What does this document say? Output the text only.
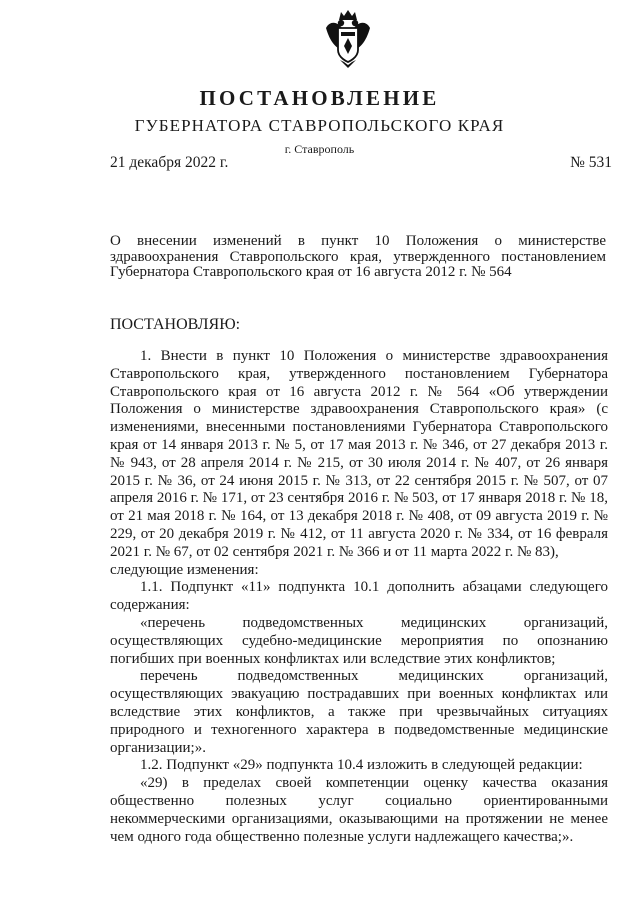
ПОСТАНОВЛЕНИЕ
ГУБЕРНАТОРА СТАВРОПОЛЬСКОГО КРАЯ
г. Ставрополь
21 декабря 2022 г.	№ 531
О внесении изменений в пункт 10 Положения о министерстве здравоохранения Ставропольского края, утвержденного постановлением Губернатора Ставропольского края от 16 августа 2012 г. № 564
ПОСТАНОВЛЯЮ:

1. Внести в пункт 10 Положения о министерстве здравоохранения Ставропольского края, утвержденного постановлением Губернатора Ставропольского края от 16 августа 2012 г. № 564 «Об утверждении Положения о министерстве здравоохранения Ставропольского края» (с изменениями, внесенными постановлениями Губернатора Ставропольского края от 14 января 2013 г. № 5, от 17 мая 2013 г. № 346, от 27 декабря 2013 г. № 943, от 28 апреля 2014 г. № 215, от 30 июля 2014 г. № 407, от 26 января 2015 г. № 36, от 24 июня 2015 г. № 313, от 22 сентября 2015 г. № 507, от 07 апреля 2016 г. № 171, от 23 сентября 2016 г. № 503, от 17 января 2018 г. № 18, от 21 мая 2018 г. № 164, от 13 декабря 2018 г. № 408, от 09 августа 2019 г. № 229, от 20 декабря 2019 г. № 412, от 11 августа 2020 г. № 334, от 16 февраля 2021 г. № 67, от 02 сентября 2021 г. № 366 и от 11 марта 2022 г. № 83),

следующие изменения:

1.1. Подпункт «11» подпункта 10.1 дополнить абзацами следующего содержания:

«перечень подведомственных медицинских организаций, осуществляющих судебно-медицинские мероприятия по опознанию погибших при военных конфликтах или вследствие этих конфликтов;

перечень подведомственных медицинских организаций, осуществляющих эвакуацию пострадавших при военных конфликтах или вследствие этих конфликтов, а также при чрезвычайных ситуациях природного и техногенного характера в подведомственные медицинские организации;».

1.2. Подпункт «29» подпункта 10.4 изложить в следующей редакции:

«29) в пределах своей компетенции оценку качества оказания общественно полезных услуг социально ориентированными некоммерческими организациями, оказывающими на протяжении не менее чем одного года общественно полезные услуги надлежащего качества;».
